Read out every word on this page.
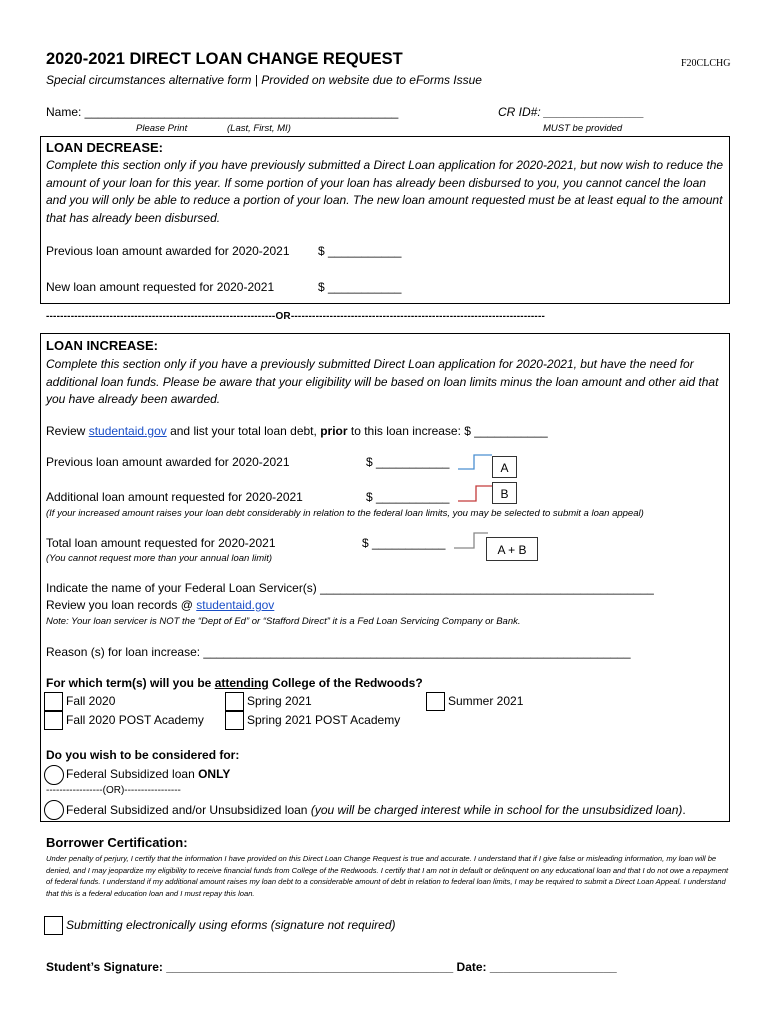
2020-2021 DIRECT LOAN CHANGE REQUEST	F20CLCHG
Special circumstances alternative form | Provided on website due to eForms Issue
Name: _______________________________________________
Please Print	(Last, First, MI)
CR ID#: _______________
MUST be provided
LOAN DECREASE:
Complete this section only if you have previously submitted a Direct Loan application for 2020-2021, but now wish to reduce the amount of your loan for this year. If some portion of your loan has already been disbursed to you, you cannot cancel the loan and you will only be able to reduce a portion of your loan. The new loan amount requested must be at least equal to the amount that has already been disbursed.
Previous loan amount awarded for 2020-2021 $ ___________
New loan amount requested for 2020-2021	$ ___________
-----------------------------------------------------------------OR------------------------------------------------------------------------
LOAN INCREASE:
Complete this section only if you have a previously submitted Direct Loan application for 2020-2021, but have the need for additional loan funds. Please be aware that your eligibility will be based on loan limits minus the loan amount and other aid that you have already been awarded.
Review studentaid.gov and list your total loan debt, prior to this loan increase: $ ___________
Previous loan amount awarded for 2020-2021	$ ___________	A
Additional loan amount requested for 2020-2021	$ ___________	B
(If your increased amount raises your loan debt considerably in relation to the federal loan limits, you may be selected to submit a loan appeal)
Total loan amount requested for 2020-2021	$ ___________	A + B
(You cannot request more than your annual loan limit)
Indicate the name of your Federal Loan Servicer(s) __________________________________________________
Review you loan records @ studentaid.gov
Note: Your loan servicer is NOT the “Dept of Ed” or “Stafford Direct” it is a Fed Loan Servicing Company or Bank.
Reason (s) for loan increase: ________________________________________________________________
For which term(s) will you be attending College of the Redwoods?
Fall 2020	Spring 2021	Summer 2021
Fall 2020 POST Academy	Spring 2021 POST Academy
Do you wish to be considered for:
Federal Subsidized loan ONLY
-----------------(OR)-----------------
Federal Subsidized and/or Unsubsidized loan (you will be charged interest while in school for the unsubsidized loan).
Borrower Certification:
Under penalty of perjury, I certify that the information I have provided on this Direct Loan Change Request is true and accurate. I understand that if I give false or misleading information, my loan will be denied, and I may jeopardize my eligibility to receive financial funds from College of the Redwoods. I certify that I am not in default or delinquent on any educational loan and that I do not owe a repayment of federal funds. I understand if my additional amount raises my loan debt to a considerable amount of debt in relation to federal loan limits, I may be required to submit a Direct Loan Appeal. I understand that this is a federal education loan and I must repay this loan.
Submitting electronically using eforms (signature not required)
Student’s Signature: ___________________________________________ Date: ___________________
